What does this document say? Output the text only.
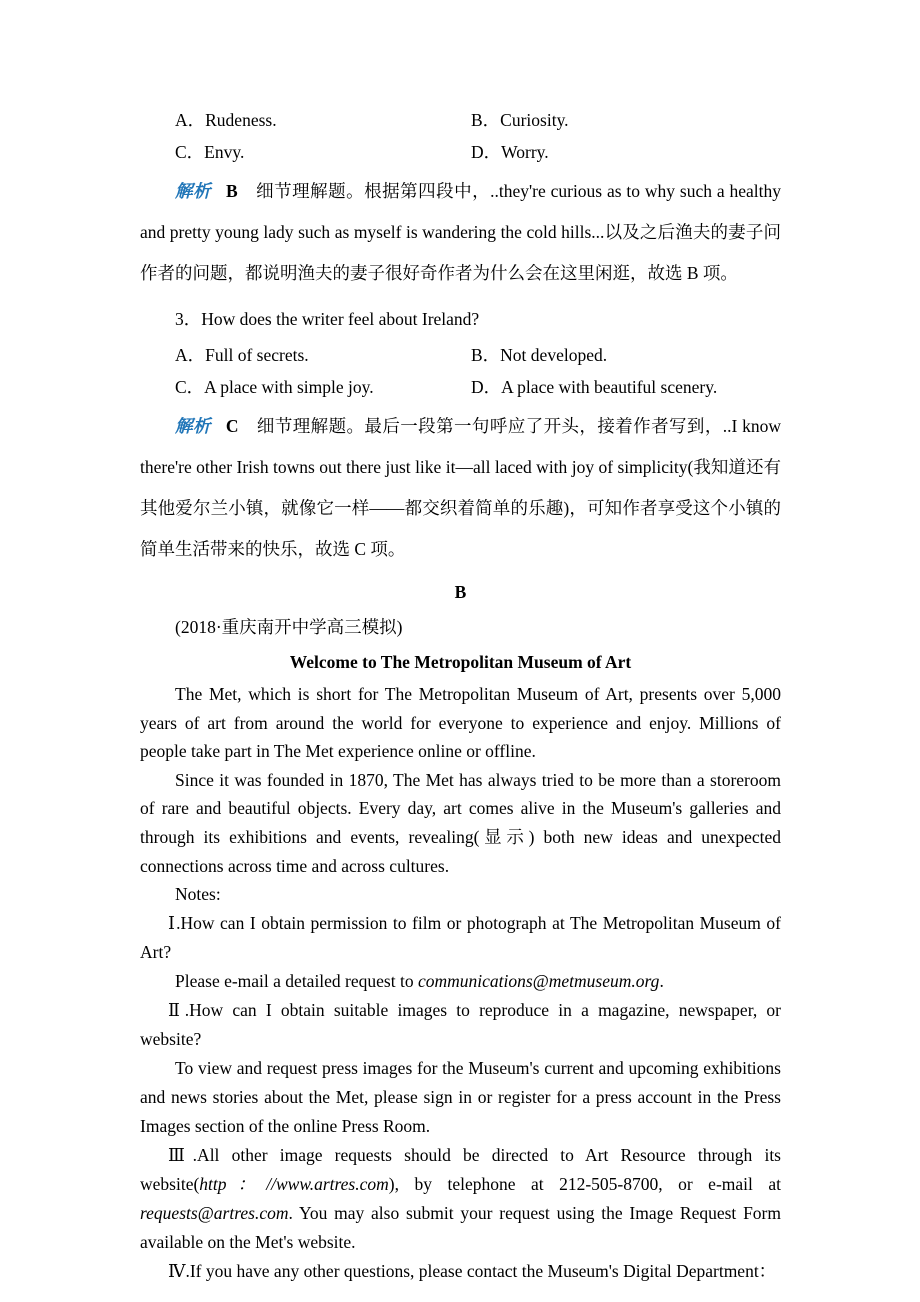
A．Rudeness.	B．Curiosity.
C．Envy.	D．Worry.

解析 B 细节理解题。根据第四段中，..they're curious as to why such a healthy and pretty young lady such as myself is wandering the cold hills...以及之后渔夫的妻子问作者的问题，都说明渔夫的妻子很好奇作者为什么会在这里闲逛，故选 B 项。

3．How does the writer feel about Ireland?
A．Full of secrets.	B．Not developed.
C．A place with simple joy.	D．A place with beautiful scenery.

解析 C 细节理解题。最后一段第一句呼应了开头，接着作者写到，..I know there're other Irish towns out there just like it—all laced with joy of simplicity(我知道还有其他爱尔兰小镇，就像它一样——都交织着简单的乐趣)，可知作者享受这个小镇的简单生活带来的快乐，故选 C 项。

B
(2018·重庆南开中学高三模拟)
Welcome to The Metropolitan Museum of Art

The Met, which is short for The Metropolitan Museum of Art, presents over 5,000 years of art from around the world for everyone to experience and enjoy. Millions of people take part in The Met experience online or offline.

Since it was founded in 1870, The Met has always tried to be more than a storeroom of rare and beautiful objects. Every day, art comes alive in the Museum's galleries and through its exhibitions and events, revealing(显示) both new ideas and unexpected connections across time and across cultures.

Notes:

Ⅰ.How can I obtain permission to film or photograph at The Metropolitan Museum of Art?

Please e-mail a detailed request to communications@metmuseum.org.

Ⅱ.How can I obtain suitable images to reproduce in a magazine, newspaper, or website?

To view and request press images for the Museum's current and upcoming exhibitions and news stories about the Met, please sign in or register for a press account in the Press Images section of the online Press Room.

Ⅲ.All other image requests should be directed to Art Resource through its website(http：//www.artres.com), by telephone at 212-505-8700, or e-mail at requests@artres.com. You may also submit your request using the Image Request Form available on the Met's website.

Ⅳ.If you have any other questions, please contact the Museum's Digital Department：
